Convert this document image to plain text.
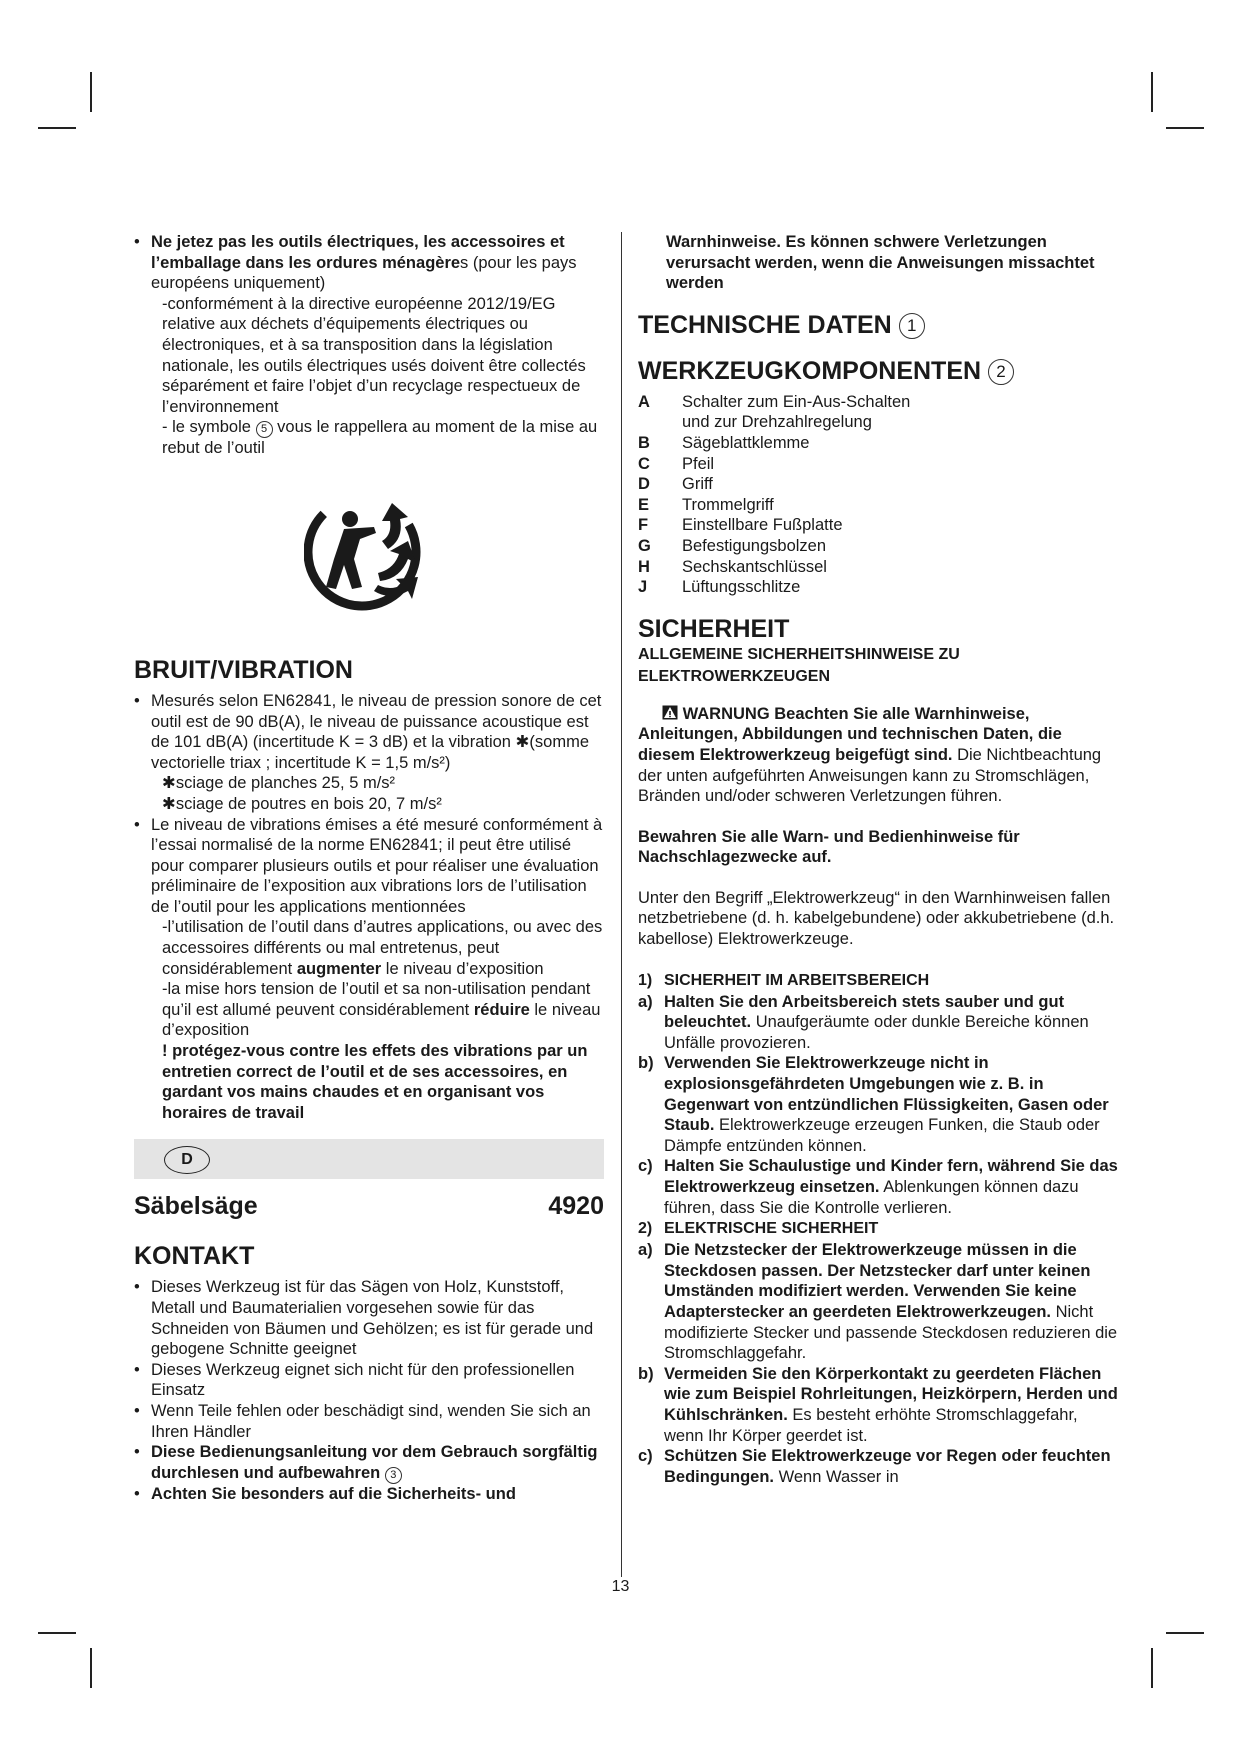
• Ne jetez pas les outils électriques, les accessoires et l’emballage dans les ordures ménagères (pour les pays européens uniquement)

-conformément à la directive européenne 2012/19/EG relative aux déchets d’équipements électriques ou électroniques, et à sa transposition dans la législation nationale, les outils électriques usés doivent être collectés séparément et faire l’objet d’un recyclage respectueux de l’environnement

- le symbole 5 vous le rappellera au moment de la mise au rebut de l’outil

BRUIT/VIBRATION

• Mesurés selon EN62841, le niveau de pression sonore de cet outil est de 90 dB(A), le niveau de puissance acoustique est de 101 dB(A) (incertitude K = 3 dB) et la vibration ✱(somme vectorielle triax ; incertitude K = 1,5 m/s²)

✱sciage de planches 25, 5 m/s²

✱sciage de poutres en bois 20, 7 m/s²

• Le niveau de vibrations émises a été mesuré conformément à l’essai normalisé de la norme EN62841; il peut être utilisé pour comparer plusieurs outils et pour réaliser une évaluation préliminaire de l’exposition aux vibrations lors de l’utilisation de l’outil pour les applications mentionnées

-l’utilisation de l’outil dans d’autres applications, ou avec des accessoires différents ou mal entretenus, peut considérablement augmenter le niveau d’exposition

-la mise hors tension de l’outil et sa non-utilisation pendant qu’il est allumé peuvent considérablement réduire le niveau d’exposition

! protégez-vous contre les effets des vibrations par un entretien correct de l’outil et de ses accessoires, en gardant vos mains chaudes et en organisant vos horaires de travail

D
Säbelsäge	4920
KONTAKT

• Dieses Werkzeug ist für das Sägen von Holz, Kunststoff, Metall und Baumaterialien vorgesehen sowie für das Schneiden von Bäumen und Gehölzen; es ist für gerade und gebogene Schnitte geeignet

• Dieses Werkzeug eignet sich nicht für den professionellen Einsatz

• Wenn Teile fehlen oder beschädigt sind, wenden Sie sich an Ihren Händler

• Diese Bedienungsanleitung vor dem Gebrauch sorgfältig durchlesen und aufbewahren 3

• Achten Sie besonders auf die Sicherheits- und

Warnhinweise. Es können schwere Verletzungen verursacht werden, wenn die Anweisungen missachtet werden

TECHNISCHE DATEN 1
WERKZEUGKOMPONENTEN 2
A	Schalter zum Ein-Aus-Schalten
und zur Drehzahlregelung
B	Sägeblattklemme
C	Pfeil
D	Griff
E	Trommelgriff
F	Einstellbare Fußplatte
G	Befestigungsbolzen
H	Sechskantschlüssel
J	Lüftungsschlitze
SICHERHEIT
ALLGEMEINE SICHERHEITSHINWEISE ZU ELEKTROWERKZEUGEN

WARNUNG Beachten Sie alle Warnhinweise, Anleitungen, Abbildungen und technischen Daten, die diesem Elektrowerkzeug beigefügt sind. Die Nichtbeachtung der unten aufgeführten Anweisungen kann zu Stromschlägen, Bränden und/oder schweren Verletzungen führen.

Bewahren Sie alle Warn- und Bedienhinweise für Nachschlagezwecke auf.

Unter den Begriff „Elektrowerkzeug“ in den Warnhinweisen fallen netzbetriebene (d. h. kabelgebundene) oder akkubetriebene (d.h. kabellose) Elektrowerkzeuge.

1) SICHERHEIT IM ARBEITSBEREICH
a) Halten Sie den Arbeitsbereich stets sauber und gut beleuchtet. Unaufgeräumte oder dunkle Bereiche können Unfälle provozieren.
b) Verwenden Sie Elektrowerkzeuge nicht in explosionsgefährdeten Umgebungen wie z. B. in Gegenwart von entzündlichen Flüssigkeiten, Gasen oder Staub. Elektrowerkzeuge erzeugen Funken, die Staub oder Dämpfe entzünden können.
c) Halten Sie Schaulustige und Kinder fern, während Sie das Elektrowerkzeug einsetzen. Ablenkungen können dazu führen, dass Sie die Kontrolle verlieren.
2) ELEKTRISCHE SICHERHEIT
a) Die Netzstecker der Elektrowerkzeuge müssen in die Steckdosen passen. Der Netzstecker darf unter keinen Umständen modifiziert werden. Verwenden Sie keine Adapterstecker an geerdeten Elektrowerkzeugen. Nicht modifizierte Stecker und passende Steckdosen reduzieren die Stromschlaggefahr.
b) Vermeiden Sie den Körperkontakt zu geerdeten Flächen wie zum Beispiel Rohrleitungen, Heizkörpern, Herden und Kühlschränken. Es besteht erhöhte Stromschlaggefahr, wenn Ihr Körper geerdet ist.
c) Schützen Sie Elektrowerkzeuge vor Regen oder feuchten Bedingungen. Wenn Wasser in
13
